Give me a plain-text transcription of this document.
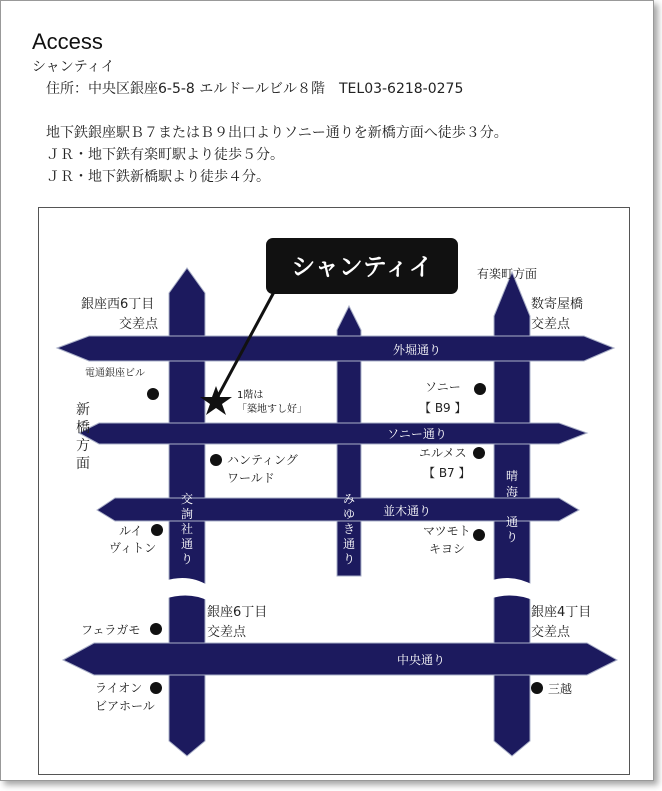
Access
シャンティイ
住所：中央区銀座6-5-8 エルドールビル８階　TEL03-6218-0275
地下鉄銀座駅Ｂ７またはＢ９出口よりソニー通りを新橋方面へ徒歩３分。
ＪＲ・地下鉄有楽町駅より徒歩５分。
ＪＲ・地下鉄新橋駅より徒歩４分。
外堀通り
ソニー通り
並木通り
中央通り
交
詢
社
通
り
み
ゆ
き
通
り
晴
海
通
り
シャンティイ
1階は
「築地すし好」
有楽町方面
新
橋
方
面
銀座西6丁目
交差点
数寄屋橋
交差点
銀座6丁目
交差点
銀座4丁目
交差点
電通銀座ビル
ソニー
【 B9 】
ハンティング
ワールド
エルメス
【 B7 】
ルイ
ヴィトン
マツモト
キヨシ
フェラガモ
ライオン
ビアホール
三越
